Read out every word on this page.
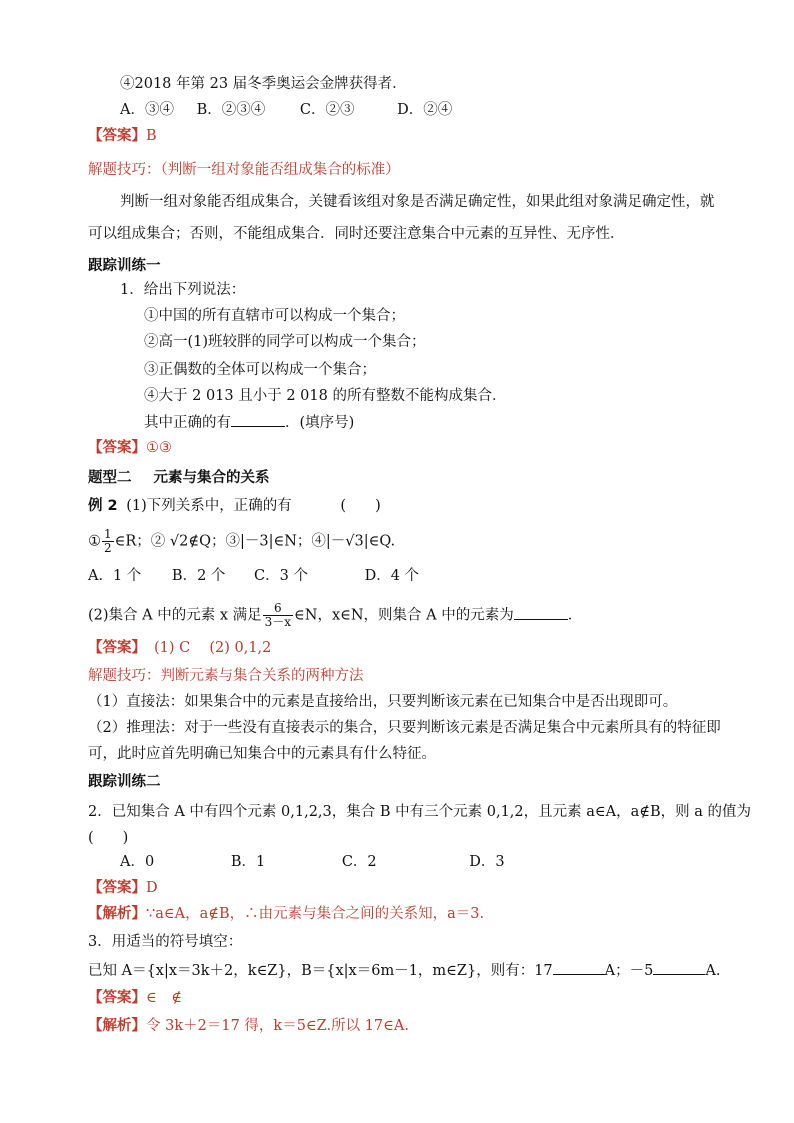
④2018 年第 23 届冬季奥运会金牌获得者．
A．③④ B．②③④ C．②③	D．②④
【答案】B
解题技巧：（判断一组对象能否组成集合的标准）
判断一组对象能否组成集合，关键看该组对象是否满足确定性，如果此组对象满足确定性，就
可以组成集合；否则，不能组成集合．同时还要注意集合中元素的互异性、无序性．
跟踪训练一
1．给出下列说法：
①中国的所有直辖市可以构成一个集合；
②高一(1)班较胖的同学可以构成一个集合；
③正偶数的全体可以构成一个集合；
④大于 2 013 且小于 2 018 的所有整数不能构成集合．
其中正确的有	．(填序号)
【答案】①③
题型二 元素与集合的关系
例 2 (1)下列关系中，正确的有	(　　)
① $\frac{1}{2}$ ∈R；② √2∉Q；③|－3|∈N；④|－√3|∈Q.
A．1 个 B．2 个 C．3 个	D．4 个
(2)集合 A 中的元素 x 满足 $\frac{6}{3-x}$ ∈N，x∈N，则集合 A 中的元素为	．
【答案】 (1) C　 (2) 0,1,2
解题技巧：判断元素与集合关系的两种方法
（1）直接法：如果集合中的元素是直接给出，只要判断该元素在已知集合中是否出现即可。
（2）推理法：对于一些没有直接表示的集合，只要判断该元素是否满足集合中元素所具有的特征即
可，此时应首先明确已知集合中的元素具有什么特征。
跟踪训练二
2．已知集合 A 中有四个元素 0,1,2,3，集合 B 中有三个元素 0,1,2，且元素 a∈A，a∉B，则 a 的值为
(　　)
A．0	B．1	C．2	D．3
【答案】D
【解析】∵a∈A，a∉B，∴由元素与集合之间的关系知，a＝3.
3．用适当的符号填空：
已知 A＝{x|x＝3k＋2，k∈Z}，B＝{x|x＝6m－1，m∈Z}，则有：17	A；－5	A.
【答案】∈　∉
【解析】令 3k＋2＝17 得，k＝5∈Z.所以 17∈A.
